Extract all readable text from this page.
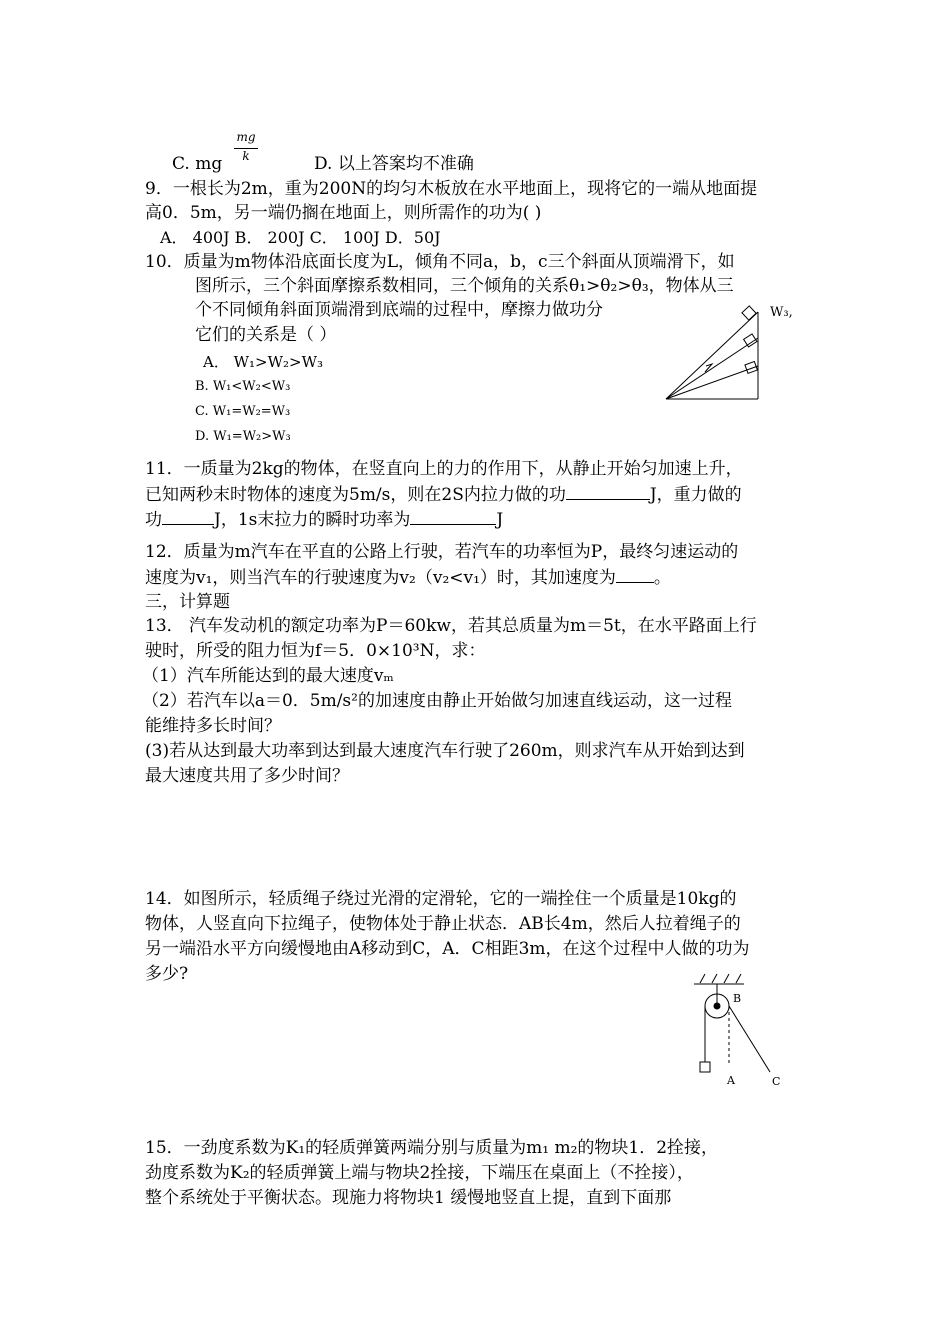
mg
k
C. mg	D. 以上答案均不准确
9．一根长为2m，重为200N的均匀木板放在水平地面上，现将它的一端从地面提
高0．5m，另一端仍搁在地面上，则所需作的功为( )
A． 400J B． 200J C． 100J D．50J
10．质量为m物体沿底面长度为L，倾角不同a，b，c三个斜面从顶端滑下，如
图所示，三个斜面摩擦系数相同，三个倾角的关系θ₁>θ₂>θ₃，物体从三
个不同倾角斜面顶端滑到底端的过程中，摩擦力做功分	W₃,
它们的关系是（ ）
A． W₁>W₂>W₃
B. W₁<W₂<W₃
C. W₁=W₂=W₃
D. W₁=W₂>W₃
11．一质量为2kg的物体，在竖直向上的力的作用下，从静止开始匀加速上升，
已知两秒末时物体的速度为5m/s，则在2S内拉力做的功	J，重力做的
功	J，1s末拉力的瞬时功率为	J
12．质量为m汽车在平直的公路上行驶，若汽车的功率恒为P，最终匀速运动的
速度为v₁，则当汽车的行驶速度为v₂（v₂<v₁）时，其加速度为 。
三，计算题
13． 汽车发动机的额定功率为P＝60kw，若其总质量为m＝5t，在水平路面上行
驶时，所受的阻力恒为f＝5．0×10³N，求：
（1）汽车所能达到的最大速度vₘ
（2）若汽车以a＝0．5m/s²的加速度由静止开始做匀加速直线运动，这一过程
能维持多长时间？
(3)若从达到最大功率到达到最大速度汽车行驶了260m，则求汽车从开始到达到
最大速度共用了多少时间？
14．如图所示，轻质绳子绕过光滑的定滑轮，它的一端拴住一个质量是10kg的
物体，人竖直向下拉绳子，使物体处于静止状态．AB长4m，然后人拉着绳子的
另一端沿水平方向缓慢地由A移动到C，A．C相距3m，在这个过程中人做的功为
多少?
B
A	C
15．一劲度系数为K₁的轻质弹簧两端分别与质量为m₁ m₂的物块1．2拴接，
劲度系数为K₂的轻质弹簧上端与物块2拴接，下端压在桌面上（不拴接），
整个系统处于平衡状态。现施力将物块1 缓慢地竖直上提，直到下面那
